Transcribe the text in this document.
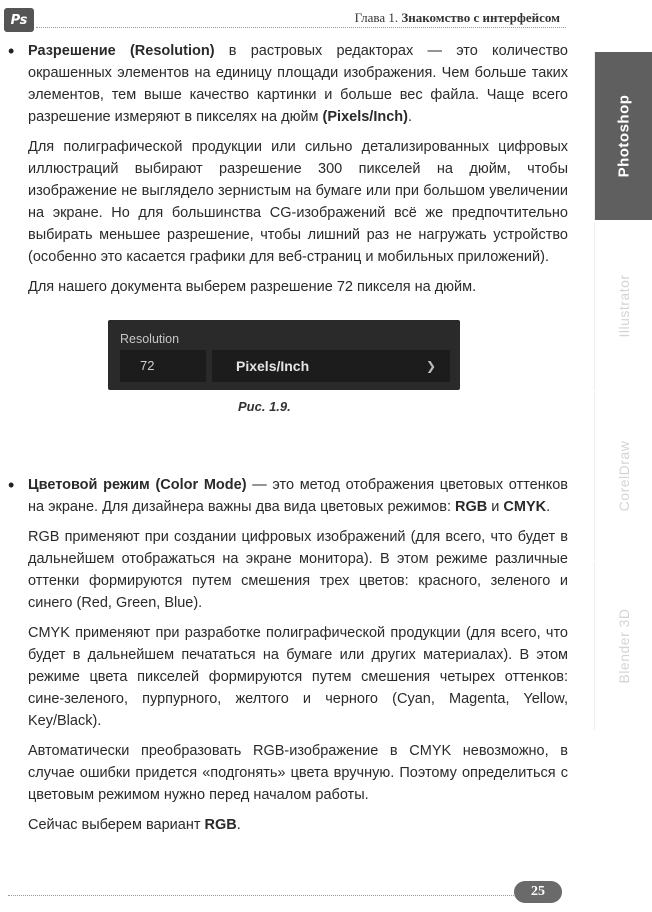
Ps	Глава 1. Знакомство с интерфейсом
Photoshop
Illustrator
CorelDraw
Blender 3D

• Разрешение (Resolution) в растровых редакторах — это количество окрашенных элементов на единицу площади изображения. Чем больше таких элементов, тем выше качество картинки и больше вес файла. Чаще всего разрешение измеряют в пикселях на дюйм (Pixels/Inch).

Для полиграфической продукции или сильно детализированных цифровых иллюстраций выбирают разрешение 300 пикселей на дюйм, чтобы изображение не выглядело зернистым на бумаге или при большом увеличении на экране. Но для большинства CG-изображений всё же предпочтительно выбирать меньшее разрешение, чтобы лишний раз не нагружать устройство (особенно это касается графики для веб-страниц и мобильных приложений).

Для нашего документа выберем разрешение 72 пикселя на дюйм.

Resolution
72	Pixels/Inch	❯
Рис. 1.9.

• Цветовой режим (Color Mode) — это метод отображения цветовых оттенков на экране. Для дизайнера важны два вида цветовых режимов: RGB и CMYK.

RGB применяют при создании цифровых изображений (для всего, что будет в дальнейшем отображаться на экране монитора). В этом режиме различные оттенки формируются путем смешения трех цветов: красного, зеленого и синего (Red, Green, Blue).

CMYK применяют при разработке полиграфической продукции (для всего, что будет в дальнейшем печататься на бумаге или других материалах). В этом режиме цвета пикселей формируются путем смешения четырех оттенков: сине-зеленого, пурпурного, желтого и черного (Cyan, Magenta, Yellow, Key/Black).

Автоматически преобразовать RGB-изображение в CMYK невозможно, в случае ошибки придется «подгонять» цвета вручную. Поэтому определиться с цветовым режимом нужно перед началом работы.

Сейчас выберем вариант RGB.

25
